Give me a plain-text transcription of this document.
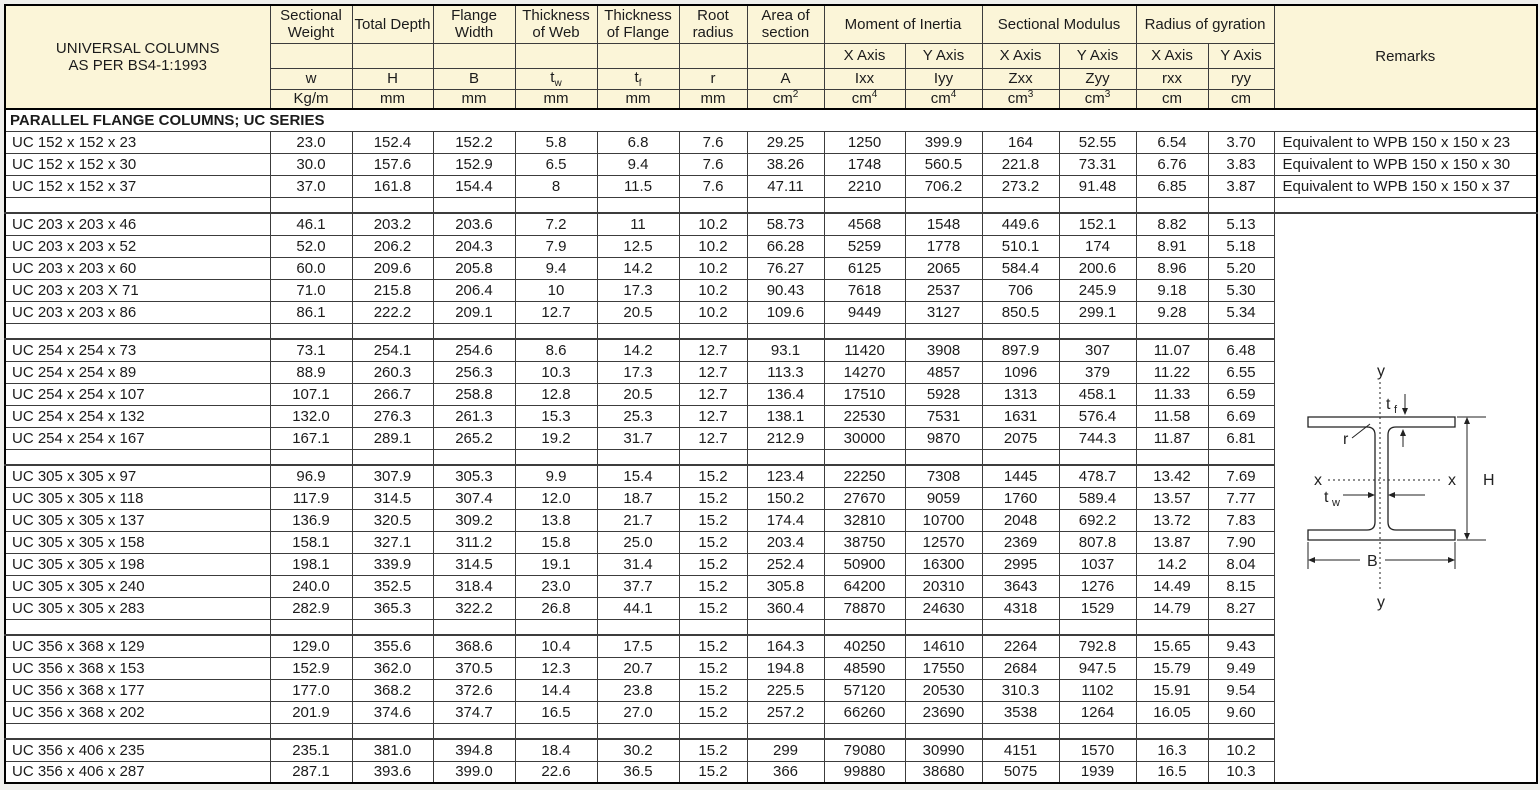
UNIVERSAL COLUMNS
AS PER BS4-1:1993	Sectional Weight	Total Depth	Flange Width	Thickness of Web	Thickness of Flange	Root radius	Area of section	Moment of Inertia		Sectional Modulus		Radius of gyration		Remarks
								X Axis	Y Axis	X Axis	Y Axis	X Axis	Y Axis	
	w	H	B	$t_w$	$t_f$	r	A	Ixx	Iyy	Zxx	Zyy	rxx	ryy	
	Kg/m	mm	mm	mm	mm	mm	$cm^2$	$cm^4$	$cm^4$	$cm^3$	$cm^3$	cm	cm	
PARALLEL FLANGE COLUMNS; UC SERIES														
UC 152 x 152 x 23	23.0	152.4	152.2	5.8	6.8	7.6	29.25	1250	399.9	164	52.55	6.54	3.70	Equivalent to WPB 150 x 150 x 23
UC 152 x 152 x 30	30.0	157.6	152.9	6.5	9.4	7.6	38.26	1748	560.5	221.8	73.31	6.76	3.83	Equivalent to WPB 150 x 150 x 30
UC 152 x 152 x 37	37.0	161.8	154.4	8	11.5	7.6	47.11	2210	706.2	273.2	91.48	6.85	3.87	Equivalent to WPB 150 x 150 x 37

UC 203 x 203 x 46	46.1	203.2	203.6	7.2	11	10.2	58.73	4568	1548	449.6	152.1	8.82	5.13	
y
y
x	x
t f
r
t w
H
B

UC 203 x 203 x 52	52.0	206.2	204.3	7.9	12.5	10.2	66.28	5259	1778	510.1	174	8.91	5.18	
UC 203 x 203 x 60	60.0	209.6	205.8	9.4	14.2	10.2	76.27	6125	2065	584.4	200.6	8.96	5.20	
UC 203 x 203 X 71	71.0	215.8	206.4	10	17.3	10.2	90.43	7618	2537	706	245.9	9.18	5.30	
UC 203 x 203 x 86	86.1	222.2	209.1	12.7	20.5	10.2	109.6	9449	3127	850.5	299.1	9.28	5.34	

UC 254 x 254 x 73	73.1	254.1	254.6	8.6	14.2	12.7	93.1	11420	3908	897.9	307	11.07	6.48	
UC 254 x 254 x 89	88.9	260.3	256.3	10.3	17.3	12.7	113.3	14270	4857	1096	379	11.22	6.55	
UC 254 x 254 x 107	107.1	266.7	258.8	12.8	20.5	12.7	136.4	17510	5928	1313	458.1	11.33	6.59	
UC 254 x 254 x 132	132.0	276.3	261.3	15.3	25.3	12.7	138.1	22530	7531	1631	576.4	11.58	6.69	
UC 254 x 254 x 167	167.1	289.1	265.2	19.2	31.7	12.7	212.9	30000	9870	2075	744.3	11.87	6.81	

UC 305 x 305 x 97	96.9	307.9	305.3	9.9	15.4	15.2	123.4	22250	7308	1445	478.7	13.42	7.69	
UC 305 x 305 x 118	117.9	314.5	307.4	12.0	18.7	15.2	150.2	27670	9059	1760	589.4	13.57	7.77	
UC 305 x 305 x 137	136.9	320.5	309.2	13.8	21.7	15.2	174.4	32810	10700	2048	692.2	13.72	7.83	
UC 305 x 305 x 158	158.1	327.1	311.2	15.8	25.0	15.2	203.4	38750	12570	2369	807.8	13.87	7.90	
UC 305 x 305 x 198	198.1	339.9	314.5	19.1	31.4	15.2	252.4	50900	16300	2995	1037	14.2	8.04	
UC 305 x 305 x 240	240.0	352.5	318.4	23.0	37.7	15.2	305.8	64200	20310	3643	1276	14.49	8.15	
UC 305 x 305 x 283	282.9	365.3	322.2	26.8	44.1	15.2	360.4	78870	24630	4318	1529	14.79	8.27	

UC 356 x 368 x 129	129.0	355.6	368.6	10.4	17.5	15.2	164.3	40250	14610	2264	792.8	15.65	9.43	
UC 356 x 368 x 153	152.9	362.0	370.5	12.3	20.7	15.2	194.8	48590	17550	2684	947.5	15.79	9.49	
UC 356 x 368 x 177	177.0	368.2	372.6	14.4	23.8	15.2	225.5	57120	20530	310.3	1102	15.91	9.54	
UC 356 x 368 x 202	201.9	374.6	374.7	16.5	27.0	15.2	257.2	66260	23690	3538	1264	16.05	9.60	

UC 356 x 406 x 235	235.1	381.0	394.8	18.4	30.2	15.2	299	79080	30990	4151	1570	16.3	10.2	
UC 356 x 406 x 287	287.1	393.6	399.0	22.6	36.5	15.2	366	99880	38680	5075	1939	16.5	10.3	
